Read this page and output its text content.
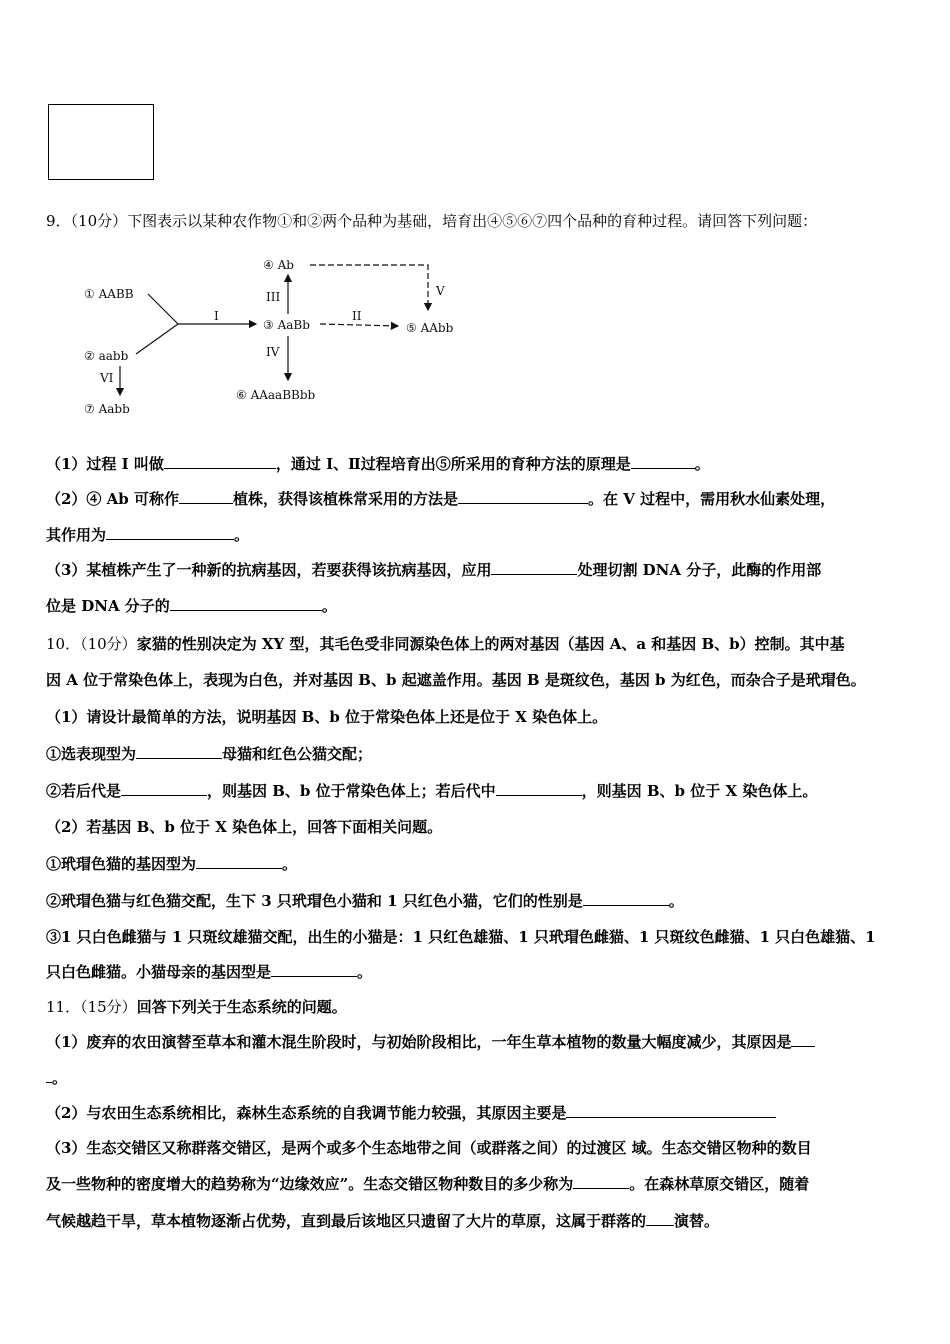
9．（10分）下图表示以某种农作物①和②两个品种为基础，培育出④⑤⑥⑦四个品种的育种过程。请回答下列问题：
① AABB
② aabb
③ AaBb
④ Ab
⑤ AAbb
⑥ AAaaBBbb
⑦ Aabb
I	II
III
IV
V
VI
（1）过程 I 叫做	，通过 I、Ⅱ过程培育出⑤所采用的育种方法的原理是	。
（2）④ Ab 可称作	植株，获得该植株常采用的方法是	。在 V 过程中，需用秋水仙素处理，
其作用为	。
（3）某植株产生了一种新的抗病基因，若要获得该抗病基因，应用	处理切割 DNA 分子，此酶的作用部
位是 DNA 分子的	。
10．（10分）家猫的性别决定为 XY 型，其毛色受非同源染色体上的两对基因（基因 A、a 和基因 B、b）控制。其中基
因 A 位于常染色体上，表现为白色，并对基因 B、b 起遮盖作用。基因 B 是斑纹色，基因 b 为红色，而杂合子是玳瑁色。
（1）请设计最简单的方法，说明基因 B、b 位于常染色体上还是位于 X 染色体上。
①选表现型为	母猫和红色公猫交配；
②若后代是	，则基因 B、b 位于常染色体上；若后代中	，则基因 B、b 位于 X 染色体上。
（2）若基因 B、b 位于 X 染色体上，回答下面相关问题。
①玳瑁色猫的基因型为	。
②玳瑁色猫与红色猫交配，生下 3 只玳瑁色小猫和 1 只红色小猫，它们的性别是	。
③1 只白色雌猫与 1 只斑纹雄猫交配，出生的小猫是：1 只红色雄猫、1 只玳瑁色雌猫、1 只斑纹色雌猫、1 只白色雄猫、1
只白色雌猫。小猫母亲的基因型是	。
11．（15分）回答下列关于生态系统的问题。
（1）废弃的农田演替至草本和灌木混生阶段时，与初始阶段相比，一年生草本植物的数量大幅度减少，其原因是
。
（2）与农田生态系统相比，森林生态系统的自我调节能力较强，其原因主要是
（3）生态交错区又称群落交错区，是两个或多个生态地带之间（或群落之间）的过渡区 域。生态交错区物种的数目
及一些物种的密度增大的趋势称为“边缘效应”。生态交错区物种数目的多少称为	。在森林草原交错区，随着
气候越趋干旱，草本植物逐渐占优势，直到最后该地区只遗留了大片的草原，这属于群落的 演替。
